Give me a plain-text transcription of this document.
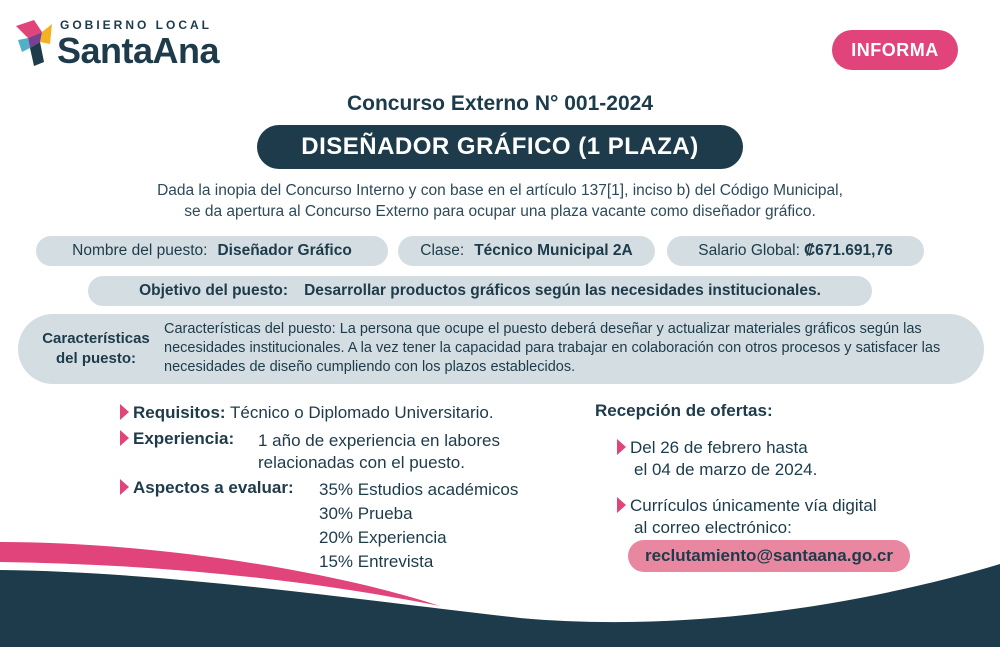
GOBIERNO LOCAL
SantaAna	INFORMA
Concurso Externo N° 001-2024
DISEÑADOR GRÁFICO (1 PLAZA)
Dada la inopia del Concurso Interno y con base en el artículo 137[1], inciso b) del Código Municipal,
se da apertura al Concurso Externo para ocupar una plaza vacante como diseñador gráfico.
Nombre del puesto: Diseñador Gráfico	Clase: Técnico Municipal 2A	Salario Global: ₡671.691,76
Objetivo del puesto: Desarrollar productos gráficos según las necesidades institucionales.
Características
del puesto:
Características del puesto: La persona que ocupe el puesto deberá deseñar y actualizar materiales gráficos según las necesidades institucionales. A la vez tener la capacidad para trabajar en colaboración con otros procesos y satisfacer las necesidades de diseño cumpliendo con los plazos establecidos.
Requisitos: Técnico o Diplomado Universitario.
Experiencia: 1 año de experiencia en labores
relacionadas con el puesto.
Aspectos a evaluar: 35% Estudios académicos
30% Prueba
20% Experiencia
15% Entrevista
Recepción de ofertas:
Del 26 de febrero hasta
el 04 de marzo de 2024.
Currículos únicamente vía digital
al correo electrónico:
reclutamiento@santaana.go.cr
